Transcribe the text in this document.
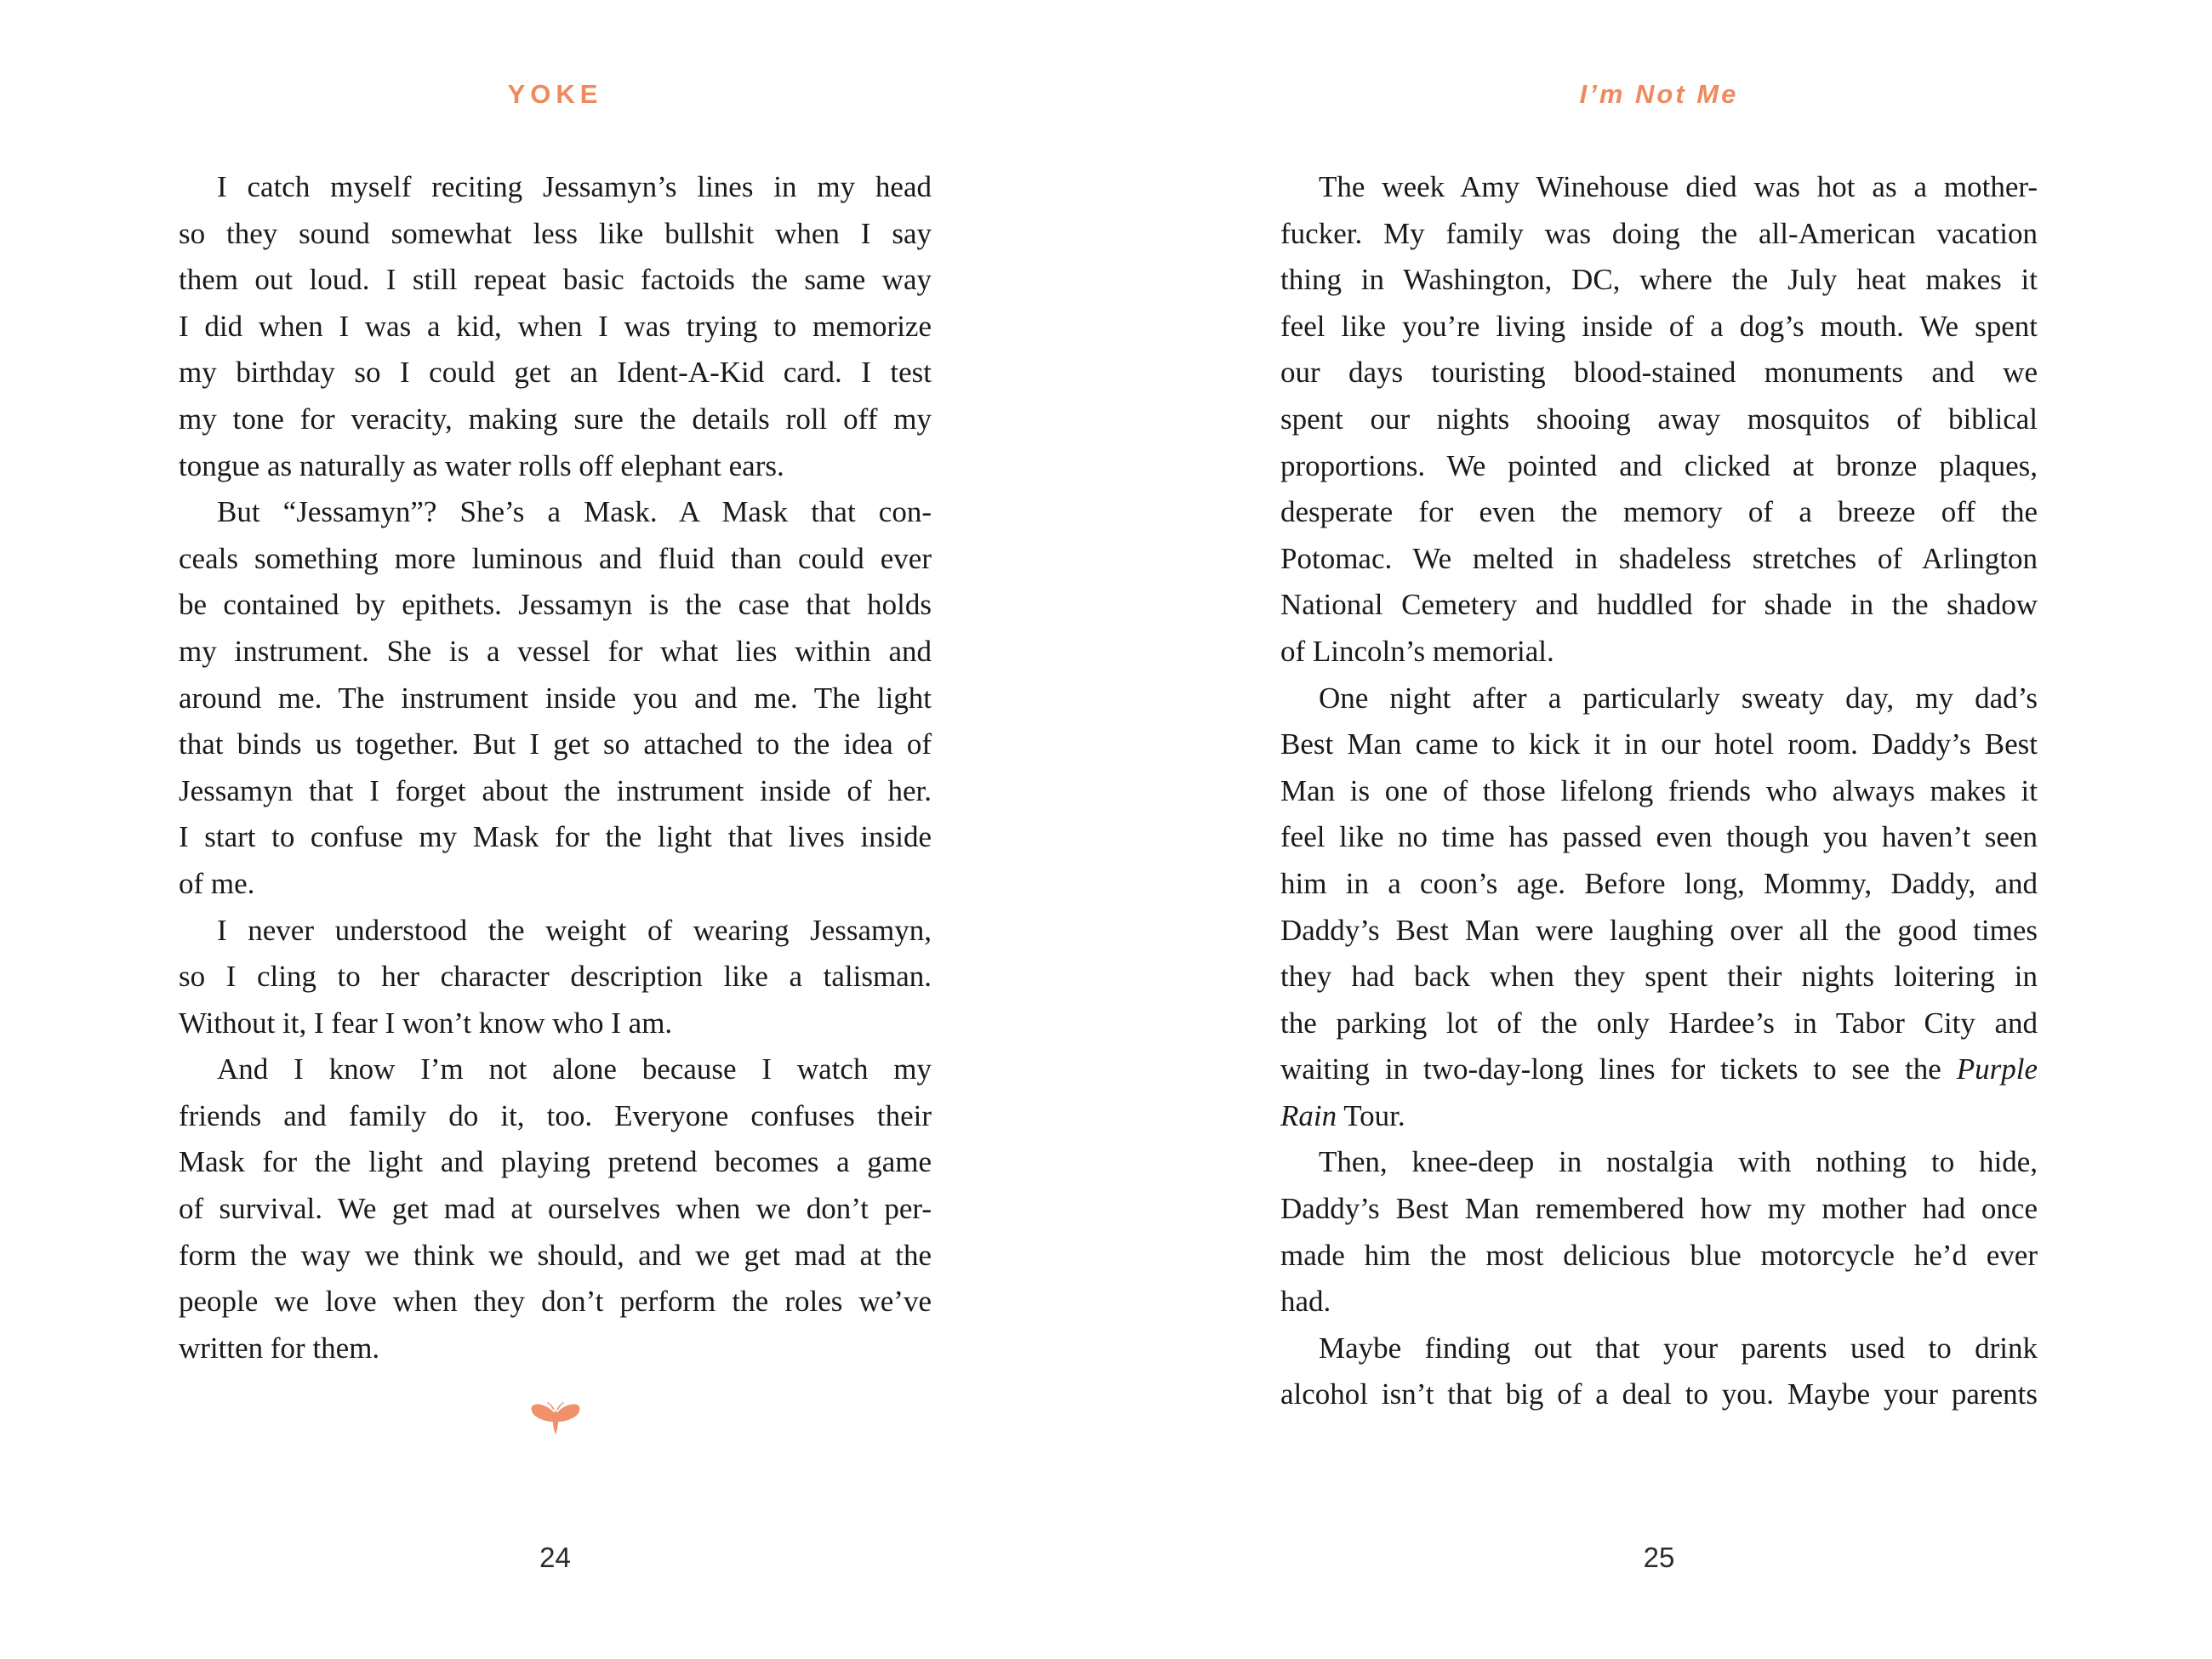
YOKE
I catch myself reciting Jessamyn’s lines in my head
so they sound somewhat less like bullshit when I say
them out loud. I still repeat basic factoids the same way
I did when I was a kid, when I was trying to memorize
my birthday so I could get an Ident-A-Kid card. I test
my tone for veracity, making sure the details roll off my
tongue as naturally as water rolls off elephant ears.
But “Jessamyn”? She’s a Mask. A Mask that con-
ceals something more luminous and fluid than could ever
be contained by epithets. Jessamyn is the case that holds
my instrument. She is a vessel for what lies within and
around me. The instrument inside you and me. The light
that binds us together. But I get so attached to the idea of
Jessamyn that I forget about the instrument inside of her.
I start to confuse my Mask for the light that lives inside
of me.
I never understood the weight of wearing Jessamyn,
so I cling to her character description like a talisman.
Without it, I fear I won’t know who I am.
And I know I’m not alone because I watch my
friends and family do it, too. Everyone confuses their
Mask for the light and playing pretend becomes a game
of survival. We get mad at ourselves when we don’t per-
form the way we think we should, and we get mad at the
people we love when they don’t perform the roles we’ve
written for them.
24
I’m Not Me
The week Amy Winehouse died was hot as a mother-
fucker. My family was doing the all-American vacation
thing in Washington, DC, where the July heat makes it
feel like you’re living inside of a dog’s mouth. We spent
our days touristing blood-stained monuments and we
spent our nights shooing away mosquitos of biblical
proportions. We pointed and clicked at bronze plaques,
desperate for even the memory of a breeze off the
Potomac. We melted in shadeless stretches of Arlington
National Cemetery and huddled for shade in the shadow
of Lincoln’s memorial.
One night after a particularly sweaty day, my dad’s
Best Man came to kick it in our hotel room. Daddy’s Best
Man is one of those lifelong friends who always makes it
feel like no time has passed even though you haven’t seen
him in a coon’s age. Before long, Mommy, Daddy, and
Daddy’s Best Man were laughing over all the good times
they had back when they spent their nights loitering in
the parking lot of the only Hardee’s in Tabor City and
waiting in two-day-long lines for tickets to see the Purple
Rain Tour.
Then, knee-deep in nostalgia with nothing to hide,
Daddy’s Best Man remembered how my mother had once
made him the most delicious blue motorcycle he’d ever
had.
Maybe finding out that your parents used to drink
alcohol isn’t that big of a deal to you. Maybe your parents
25
